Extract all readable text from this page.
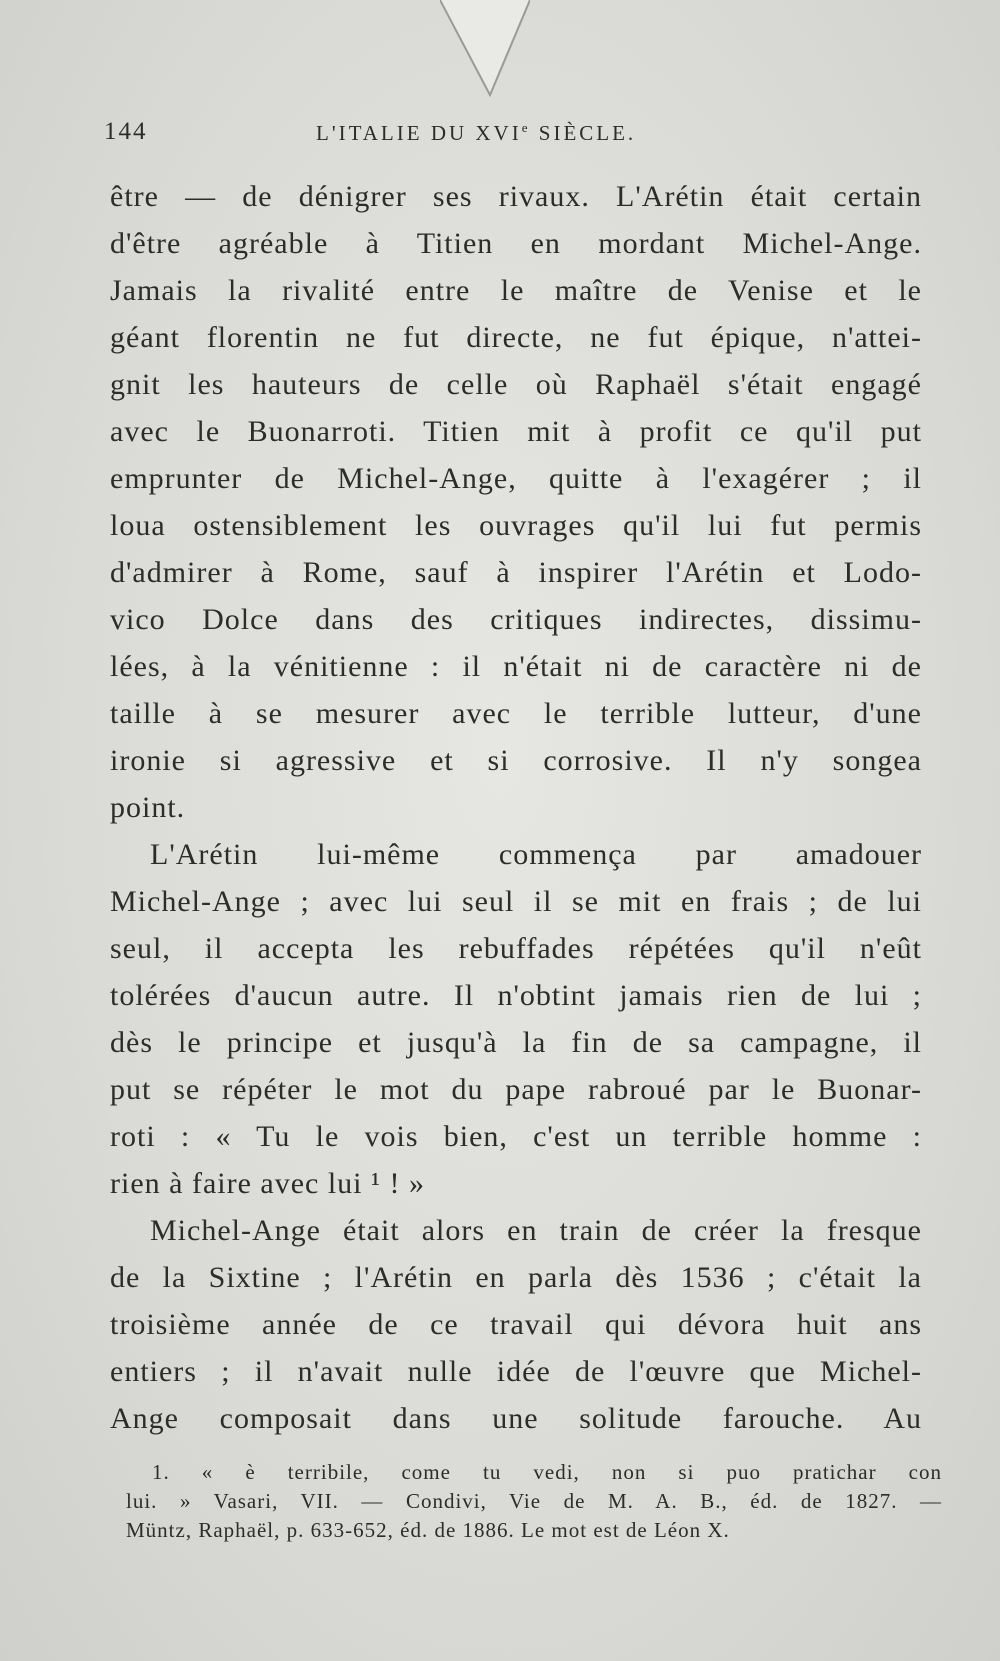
144	L'ITALIE DU XVIe SIÈCLE.
être — de dénigrer ses rivaux. L'Arétin était certain
d'être agréable à Titien en mordant Michel-Ange.
Jamais la rivalité entre le maître de Venise et le
géant florentin ne fut directe, ne fut épique, n'attei-
gnit les hauteurs de celle où Raphaël s'était engagé
avec le Buonarroti. Titien mit à profit ce qu'il put
emprunter de Michel-Ange, quitte à l'exagérer ; il
loua ostensiblement les ouvrages qu'il lui fut permis
d'admirer à Rome, sauf à inspirer l'Arétin et Lodo-
vico Dolce dans des critiques indirectes, dissimu-
lées, à la vénitienne : il n'était ni de caractère ni de
taille à se mesurer avec le terrible lutteur, d'une
ironie si agressive et si corrosive. Il n'y songea
point.
L'Arétin lui-même commença par amadouer
Michel-Ange ; avec lui seul il se mit en frais ; de lui
seul, il accepta les rebuffades répétées qu'il n'eût
tolérées d'aucun autre. Il n'obtint jamais rien de lui ;
dès le principe et jusqu'à la fin de sa campagne, il
put se répéter le mot du pape rabroué par le Buonar-
roti : « Tu le vois bien, c'est un terrible homme :
rien à faire avec lui ¹ ! »
Michel-Ange était alors en train de créer la fresque
de la Sixtine ; l'Arétin en parla dès 1536 ; c'était la
troisième année de ce travail qui dévora huit ans
entiers ; il n'avait nulle idée de l'œuvre que Michel-
Ange composait dans une solitude farouche. Au
1. « è terribile, come tu vedi, non si puo pratichar con
lui. » Vasari, VII. — Condivi, Vie de M. A. B., éd. de 1827. —
Müntz, Raphaël, p. 633-652, éd. de 1886. Le mot est de Léon X.
